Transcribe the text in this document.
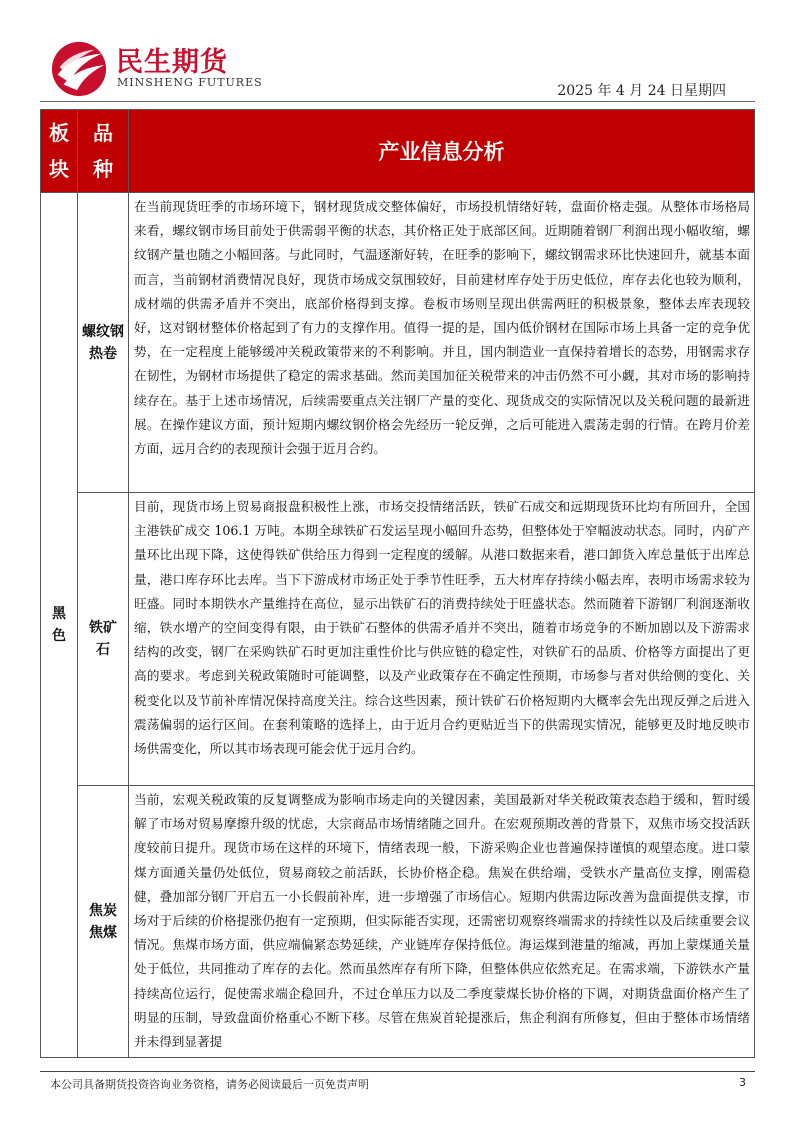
民生期货
MINSHENG FUTURES
2025 年 4 月 24 日星期四
板块	品种	产业信息分析
黑色	螺纹钢热卷	在当前现货旺季的市场环境下，钢材现货成交整体偏好，市场投机情绪好转，盘面价格走强。从整体市场格局来看，螺纹钢市场目前处于供需弱平衡的状态，其价格正处于底部区间。近期随着钢厂利润出现小幅收缩，螺纹钢产量也随之小幅回落。与此同时，气温逐渐好转，在旺季的影响下，螺纹钢需求环比快速回升，就基本面而言，当前钢材消费情况良好，现货市场成交氛围较好，目前建材库存处于历史低位，库存去化也较为顺利，成材端的供需矛盾并不突出，底部价格得到支撑。卷板市场则呈现出供需两旺的积极景象，整体去库表现较好，这对钢材整体价格起到了有力的支撑作用。值得一提的是，国内低价钢材在国际市场上具备一定的竞争优势，在一定程度上能够缓冲关税政策带来的不利影响。并且，国内制造业一直保持着增长的态势，用钢需求存在韧性，为钢材市场提供了稳定的需求基础。然而美国加征关税带来的冲击仍然不可小觑，其对市场的影响持续存在。基于上述市场情况，后续需要重点关注钢厂产量的变化、现货成交的实际情况以及关税问题的最新进展。在操作建议方面，预计短期内螺纹钢价格会先经历一轮反弹，之后可能进入震荡走弱的行情。在跨月价差方面，远月合约的表现预计会强于近月合约。
	铁矿石	目前，现货市场上贸易商报盘积极性上涨，市场交投情绪活跃，铁矿石成交和远期现货环比均有所回升，全国主港铁矿成交 106.1 万吨。本期全球铁矿石发运呈现小幅回升态势，但整体处于窄幅波动状态。同时，内矿产量环比出现下降，这使得铁矿供给压力得到一定程度的缓解。从港口数据来看，港口卸货入库总量低于出库总量，港口库存环比去库。当下下游成材市场正处于季节性旺季，五大材库存持续小幅去库，表明市场需求较为旺盛。同时本期铁水产量维持在高位，显示出铁矿石的消费持续处于旺盛状态。然而随着下游钢厂利润逐渐收缩，铁水增产的空间变得有限，由于铁矿石整体的供需矛盾并不突出，随着市场竞争的不断加剧以及下游需求结构的改变，钢厂在采购铁矿石时更加注重性价比与供应链的稳定性，对铁矿石的品质、价格等方面提出了更高的要求。考虑到关税政策随时可能调整，以及产业政策存在不确定性预期，市场参与者对供给侧的变化、关税变化以及节前补库情况保持高度关注。综合这些因素，预计铁矿石价格短期内大概率会先出现反弹之后进入震荡偏弱的运行区间。在套利策略的选择上，由于近月合约更贴近当下的供需现实情况，能够更及时地反映市场供需变化，所以其市场表现可能会优于远月合约。
	焦炭焦煤	当前，宏观关税政策的反复调整成为影响市场走向的关键因素，美国最新对华关税政策表态趋于缓和，暂时缓解了市场对贸易摩擦升级的忧虑，大宗商品市场情绪随之回升。在宏观预期改善的背景下，双焦市场交投活跃度较前日提升。现货市场在这样的环境下，情绪表现一般，下游采购企业也普遍保持谨慎的观望态度。进口蒙煤方面通关量仍处低位，贸易商较之前活跃，长协价格企稳。焦炭在供给端，受铁水产量高位支撑，刚需稳健，叠加部分钢厂开启五一小长假前补库，进一步增强了市场信心。短期内供需边际改善为盘面提供支撑，市场对于后续的价格提涨仍抱有一定预期，但实际能否实现，还需密切观察终端需求的持续性以及后续重要会议情况。焦煤市场方面，供应端偏紧态势延续，产业链库存保持低位。海运煤到港量的缩减，再加上蒙煤通关量处于低位，共同推动了库存的去化。然而虽然库存有所下降，但整体供应依然充足。在需求端，下游铁水产量持续高位运行，促使需求端企稳回升，不过仓单压力以及二季度蒙煤长协价格的下调，对期货盘面价格产生了明显的压制，导致盘面价格重心不断下移。尽管在焦炭首轮提涨后，焦企利润有所修复，但由于整体市场情绪并未得到显著提
本公司具备期货投资咨询业务资格，请务必阅读最后一页免责声明	3
